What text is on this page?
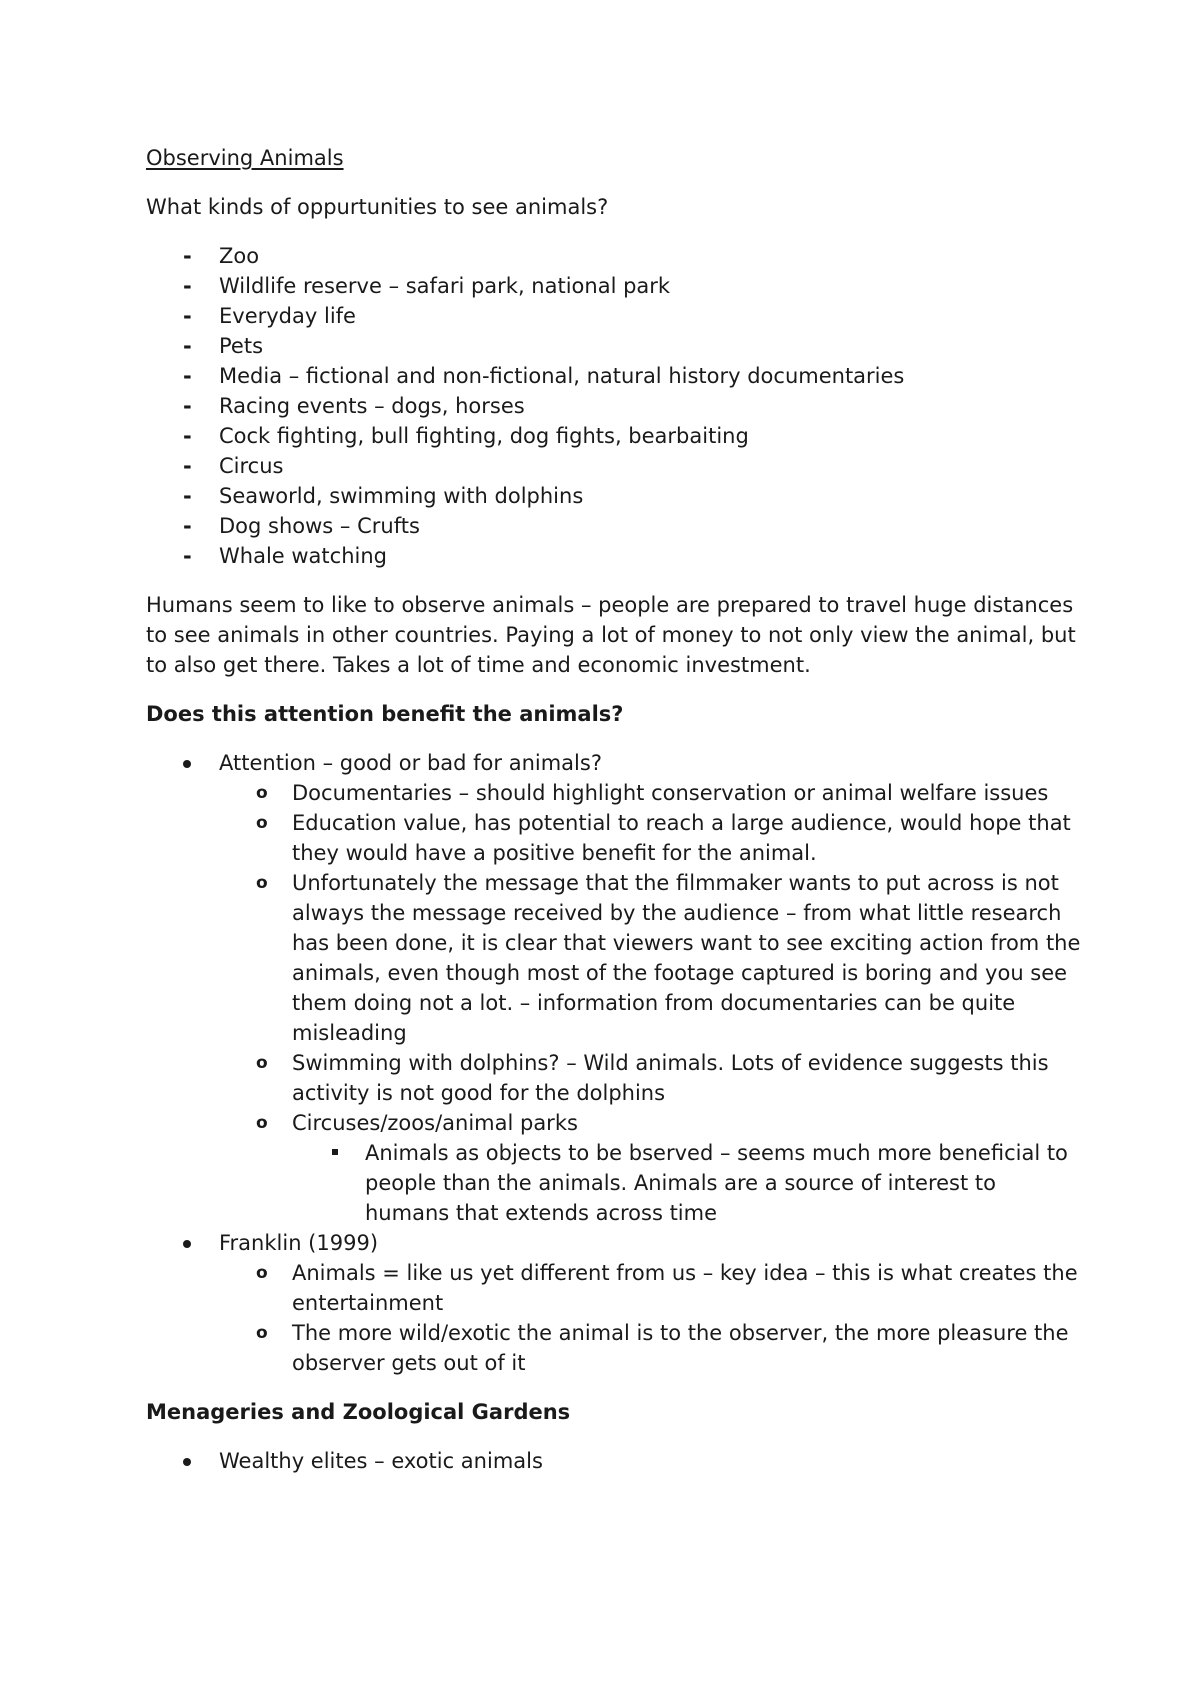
Observing Animals

What kinds of oppurtunities to see animals?

- Zoo
- Wildlife reserve – safari park, national park
- Everyday life
- Pets
- Media – fictional and non-fictional, natural history documentaries
- Racing events – dogs, horses
- Cock fighting, bull fighting, dog fights, bearbaiting
- Circus
- Seaworld, swimming with dolphins
- Dog shows – Crufts
- Whale watching

Humans seem to like to observe animals – people are prepared to travel huge distances to see animals in other countries. Paying a lot of money to not only view the animal, but to also get there. Takes a lot of time and economic investment.

Does this attention benefit the animals?
Attention – good or bad for animals?
o Documentaries – should highlight conservation or animal welfare issues
o Education value, has potential to reach a large audience, would hope that they would have a positive benefit for the animal.
o Unfortunately the message that the filmmaker wants to put across is not always the message received by the audience – from what little research has been done, it is clear that viewers want to see exciting action from the animals, even though most of the footage captured is boring and you see them doing not a lot. – information from documentaries can be quite misleading
o Swimming with dolphins? – Wild animals. Lots of evidence suggests this activity is not good for the dolphins
o Circuses/zoos/animal parks
Animals as objects to be bserved – seems much more beneficial to people than the animals. Animals are a source of interest to humans that extends across time
Franklin (1999)
o Animals = like us yet different from us – key idea – this is what creates the entertainment
o The more wild/exotic the animal is to the observer, the more pleasure the observer gets out of it
Menageries and Zoological Gardens
Wealthy elites – exotic animals
